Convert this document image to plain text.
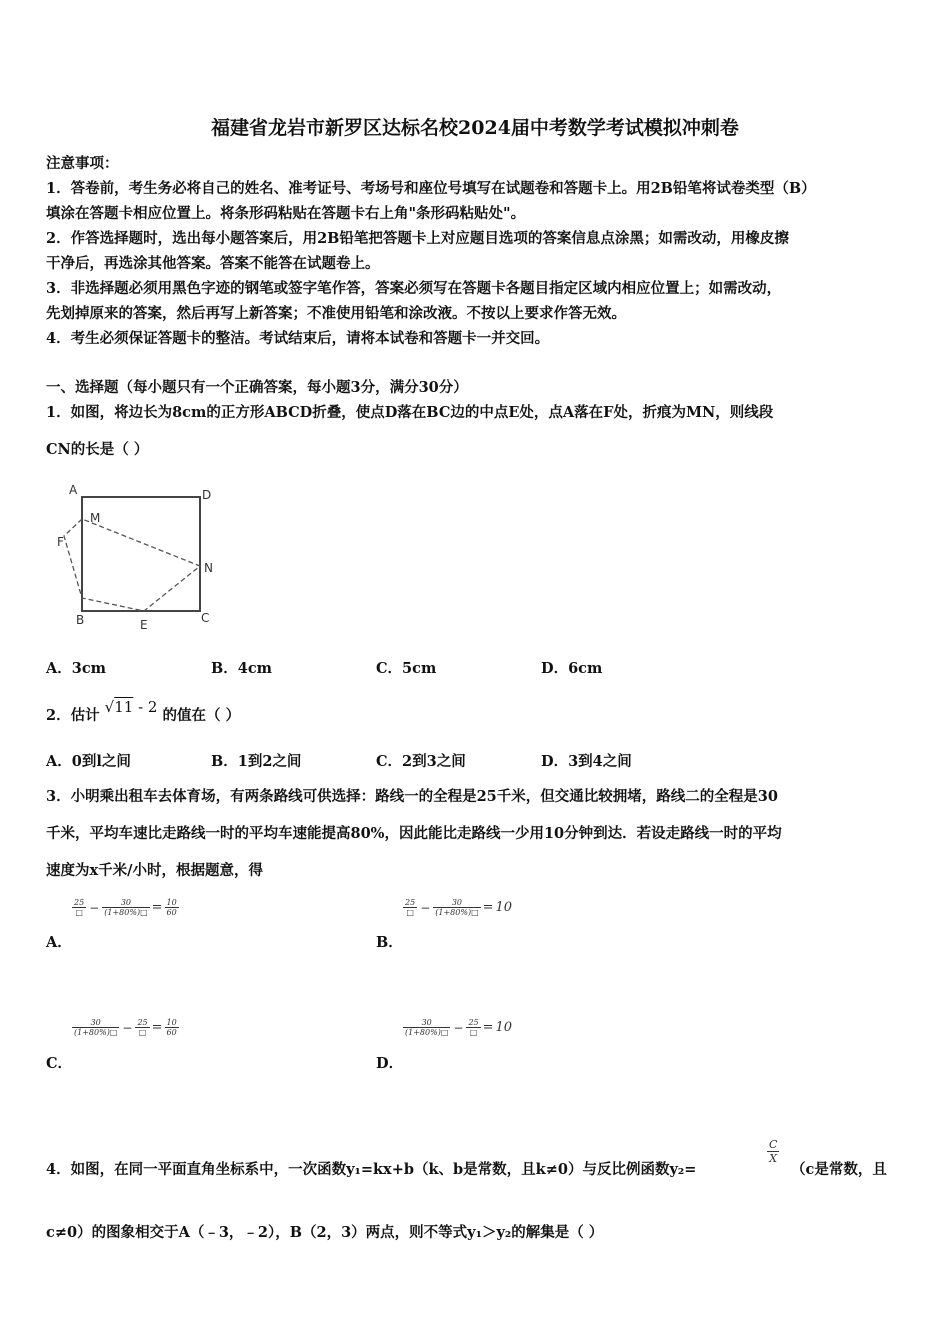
福建省龙岩市新罗区达标名校2024届中考数学考试模拟冲刺卷
注意事项：
1．答卷前，考生务必将自己的姓名、准考证号、考场号和座位号填写在试题卷和答题卡上。用2B铅笔将试卷类型（B）
填涂在答题卡相应位置上。将条形码粘贴在答题卡右上角"条形码粘贴处"。
2．作答选择题时，选出每小题答案后，用2B铅笔把答题卡上对应题目选项的答案信息点涂黑；如需改动，用橡皮擦
干净后，再选涂其他答案。答案不能答在试题卷上。
3．非选择题必须用黑色字迹的钢笔或签字笔作答，答案必须写在答题卡各题目指定区域内相应位置上；如需改动，
先划掉原来的答案，然后再写上新答案；不准使用铅笔和涂改液。不按以上要求作答无效。
4．考生必须保证答题卡的整洁。考试结束后，请将本试卷和答题卡一并交回。
一、选择题（每小题只有一个正确答案，每小题3分，满分30分）
1．如图，将边长为8cm的正方形ABCD折叠，使点D落在BC边的中点E处，点A落在F处，折痕为MN，则线段
CN的长是（ ）
A	D
M
F
N
B	E	C
A．3cm	B．4cm	C．5cm	D．6cm
2．估计 √11 - 2 的值在（ ）
A．0到l之间	B．1到2之间	C．2到3之间	D．3到4之间
3．小明乘出租车去体育场，有两条路线可供选择：路线一的全程是25千米，但交通比较拥堵，路线二的全程是30
千米，平均车速比走路线一时的平均车速能提高80%，因此能比走路线一少用10分钟到达．若设走路线一时的平均
速度为x千米/小时，根据题意，得
$\frac{25}{□} - \frac{30}{(1+80\%)□} = \frac{10}{60}$
A．
$\frac{25}{□} - \frac{30}{(1+80\%)□} = 10$
B．
$\frac{30}{(1+80\%)□} - \frac{25}{□} = \frac{10}{60}$
C．
$\frac{30}{(1+80\%)□} - \frac{25}{□} = 10$
D．
4．如图，在同一平面直角坐标系中，一次函数y₁=kx+b（k、b是常数，且k≠0）与反比例函数y₂=
$\frac{C}{X}$
（c是常数，且
c≠0）的图象相交于A（﹣3，﹣2），B（2，3）两点，则不等式y₁＞y₂的解集是（ ）
